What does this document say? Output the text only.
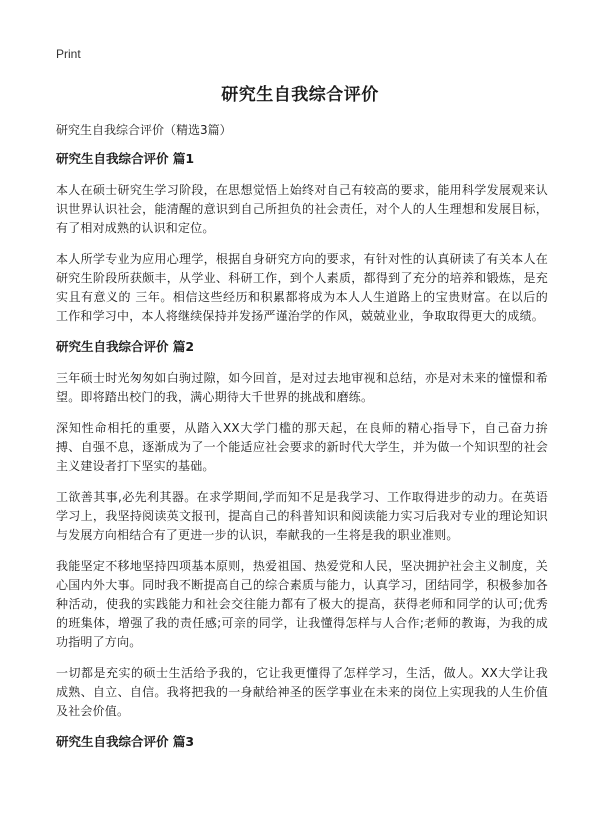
Print
研究生自我综合评价
研究生自我综合评价（精选3篇）
研究生自我综合评价 篇1

本人在硕士研究生学习阶段，在思想觉悟上始终对自己有较高的要求，能用科学发展观来认识世界认识社会，能清醒的意识到自己所担负的社会责任，对个人的人生理想和发展目标，有了相对成熟的认识和定位。

本人所学专业为应用心理学，根据自身研究方向的要求，有针对性的认真研读了有关本人在研究生阶段所获颇丰，从学业、科研工作，到个人素质，都得到了充分的培养和锻炼，是充实且有意义的 三年。相信这些经历和积累都将成为本人人生道路上的宝贵财富。在以后的工作和学习中，本人将继续保持并发扬严谨治学的作风，兢兢业业，争取取得更大的成绩。

研究生自我综合评价 篇2

三年硕士时光匆匆如白驹过隙，如今回首，是对过去地审视和总结，亦是对未来的憧憬和希望。即将踏出校门的我，满心期待大千世界的挑战和磨练。

深知性命相托的重要，从踏入XX大学门槛的那天起，在良师的精心指导下，自己奋力拚搏、自强不息，逐渐成为了一个能适应社会要求的新时代大学生，并为做一个知识型的社会主义建设者打下坚实的基础。

工欲善其事,必先利其器。在求学期间,学而知不足是我学习、工作取得进步的动力。在英语学习上，我坚持阅读英文报刊，提高自己的科普知识和阅读能力实习后我对专业的理论知识与发展方向相结合有了更进一步的认识，奉献我的一生将是我的职业准则。

我能坚定不移地坚持四项基本原则，热爱祖国、热爱党和人民，坚决拥护社会主义制度，关心国内外大事。同时我不断提高自己的综合素质与能力，认真学习，团结同学，积极参加各种活动，使我的实践能力和社会交往能力都有了极大的提高，获得老师和同学的认可;优秀的班集体，增强了我的责任感;可亲的同学，让我懂得怎样与人合作;老师的教诲，为我的成功指明了方向。

一切都是充实的硕士生活给予我的，它让我更懂得了怎样学习，生活，做人。XX大学让我成熟、自立、自信。我将把我的一身献给神圣的医学事业在未来的岗位上实现我的人生价值及社会价值。

研究生自我综合评价 篇3
